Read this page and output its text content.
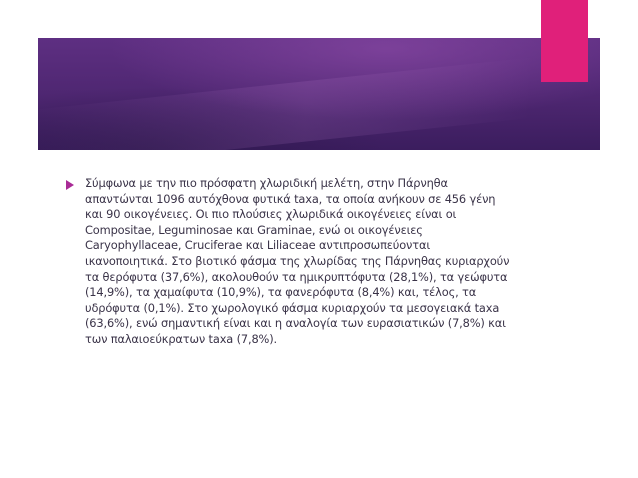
Σύμφωνα με την πιο πρόσφατη χλωριδική μελέτη, στην Πάρνηθα απαντώνται 1096 αυτόχθονα φυτικά taxa, τα οποία ανήκουν σε 456 γένη και 90 οικογένειες. Οι πιο πλούσιες χλωριδικά οικογένειες είναι οι Compositae, Leguminosae και Graminae, ενώ οι οικογένειες Caryophyllaceae, Cruciferae και Liliaceae αντιπροσωπεύονται ικανοποιητικά. Στο βιοτικό φάσμα της χλωρίδας της Πάρνηθας κυριαρχούν τα θερόφυτα (37,6%), ακολουθούν τα ημικρυπτόφυτα (28,1%), τα γεώφυτα (14,9%), τα χαμαίφυτα (10,9%), τα φανερόφυτα (8,4%) και, τέλος, τα υδρόφυτα (0,1%). Στο χωρολογικό φάσμα κυριαρχούν τα μεσογειακά taxa (63,6%), ενώ σημαντική είναι και η αναλογία των ευρασιατικών (7,8%) και των παλαιοεύκρατων taxa (7,8%).
